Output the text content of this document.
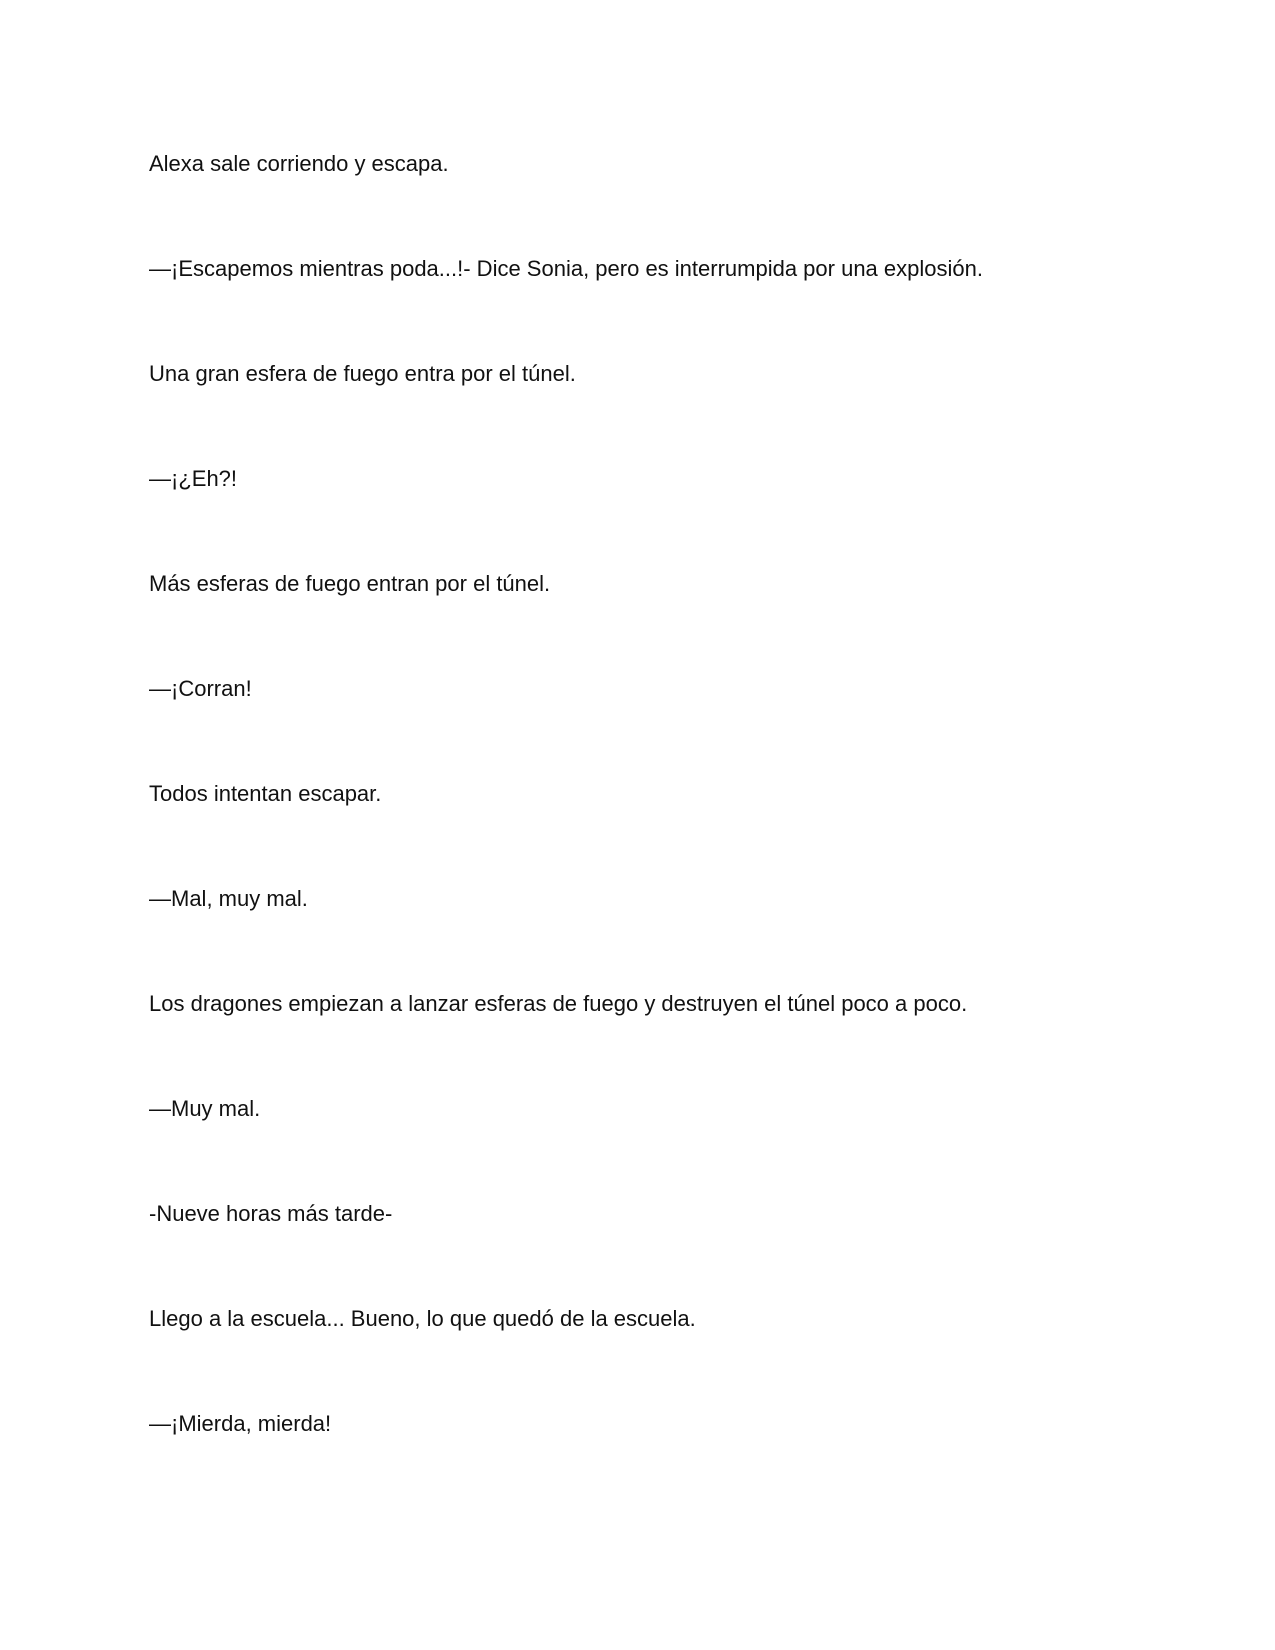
Alexa sale corriendo y escapa.

—¡Escapemos mientras poda...!- Dice Sonia, pero es interrumpida por una explosión.

Una gran esfera de fuego entra por el túnel.

—¡¿Eh?!

Más esferas de fuego entran por el túnel.

—¡Corran!

Todos intentan escapar.

—Mal, muy mal.

Los dragones empiezan a lanzar esferas de fuego y destruyen el túnel poco a poco.

—Muy mal.

-Nueve horas más tarde-

Llego a la escuela... Bueno, lo que quedó de la escuela.

—¡Mierda, mierda!
